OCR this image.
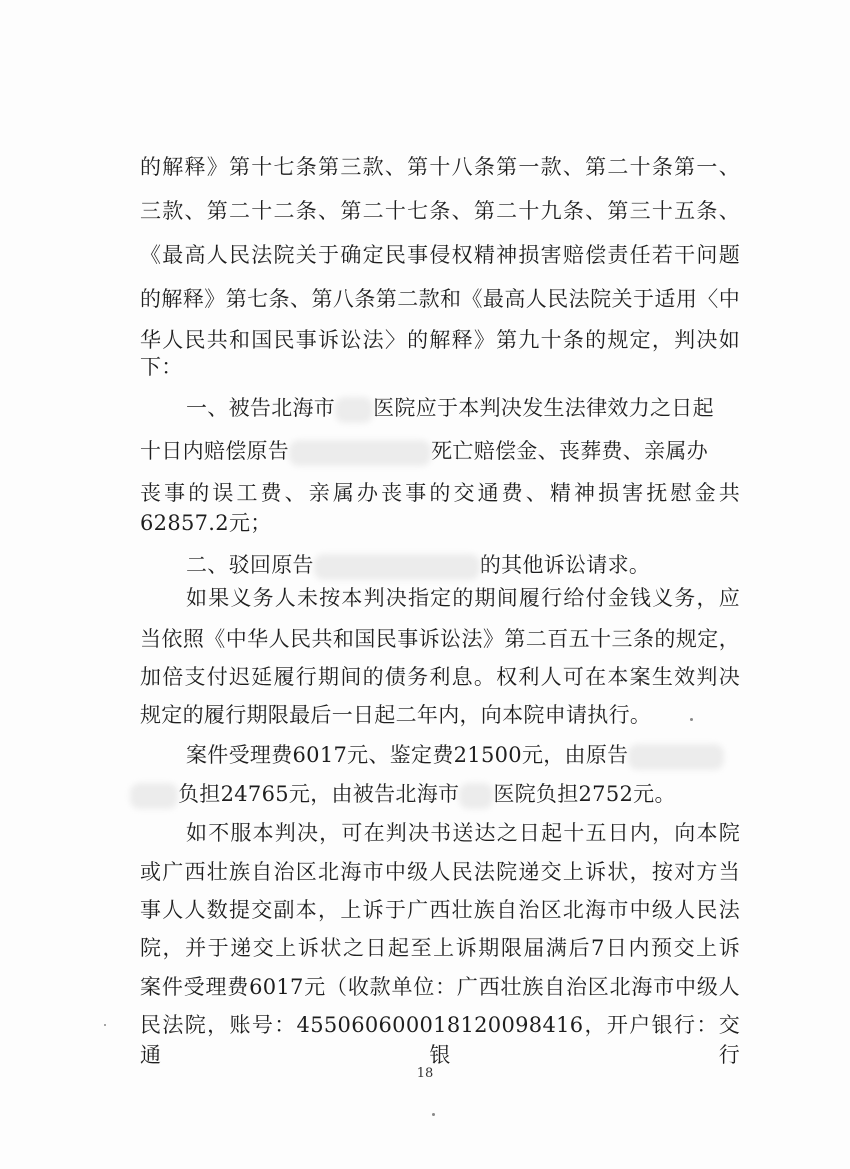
的解释》第十七条第三款、第十八条第一款、第二十条第一、
三款、第二十二条、第二十七条、第二十九条、第三十五条、
《最高人民法院关于确定民事侵权精神损害赔偿责任若干问题
的解释》第七条、第八条第二款和《最高人民法院关于适用〈中
华人民共和国民事诉讼法〉的解释》第九十条的规定，判决如
下：
一、被告北海市 医院应于本判决发生法律效力之日起
十日内赔偿原告	死亡赔偿金、丧葬费、亲属办
丧事的误工费、亲属办丧事的交通费、精神损害抚慰金共
62857.2元；
二、驳回原告	的其他诉讼请求。
如果义务人未按本判决指定的期间履行给付金钱义务，应
当依照《中华人民共和国民事诉讼法》第二百五十三条的规定，
加倍支付迟延履行期间的债务利息。权利人可在本案生效判决
规定的履行期限最后一日起二年内，向本院申请执行。
案件受理费6017元、鉴定费21500元，由原告
负担24765元，由被告北海市 医院负担2752元。
如不服本判决，可在判决书送达之日起十五日内，向本院
或广西壮族自治区北海市中级人民法院递交上诉状，按对方当
事人人数提交副本，上诉于广西壮族自治区北海市中级人民法
院，并于递交上诉状之日起至上诉期限届满后7日内预交上诉
案件受理费6017元（收款单位：广西壮族自治区北海市中级人
民法院，账号：455060600018120098416，开户银行：交通银行
18
